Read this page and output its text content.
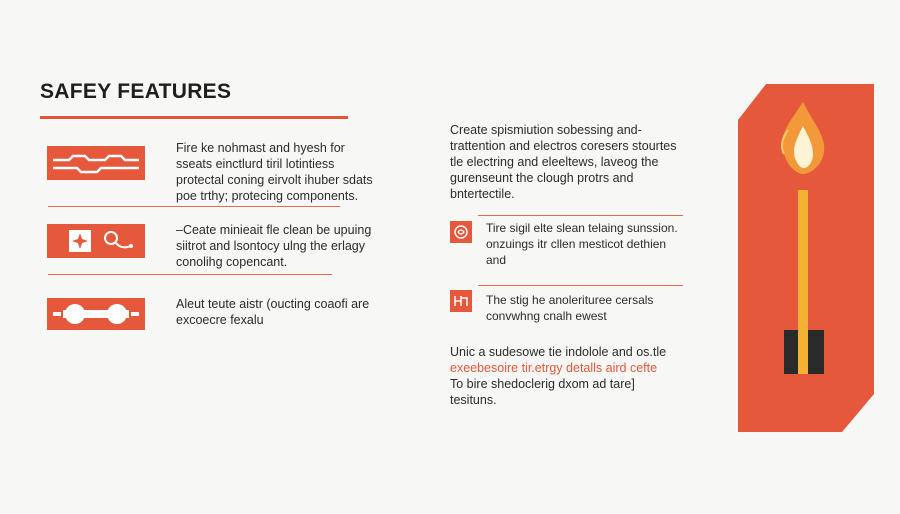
SAFEY FEATURES
Fire ke nohmast and hyesh for sseats einctlurd tiril lotintiess protectal coning eirvolt ihuber sdats poe trthy; protecing components.
–Ceate minieait fle clean be upuing siitrot and lsontocy ulng the erlagy conolihg copencant.
Aleut teute aistr (oucting coaofi are excoecre fexalu
Create spismiution sobessing and-trattention and electros coresers stourtes tle electring and eleeltews, laveog the gurenseunt the clough protrs and bntertectile.
Tire sigil elte slean telaing sunssion. onzuings itr cllen mesticot dethien and
The stig he anolerituree cersals convwhng cnalh ewest
Unic a sudesowe tie indolole and os.tle
exeebesoire tir.etrgy detalls aird cefte
To bire shedoclerig dxom ad tare] tesituns.
